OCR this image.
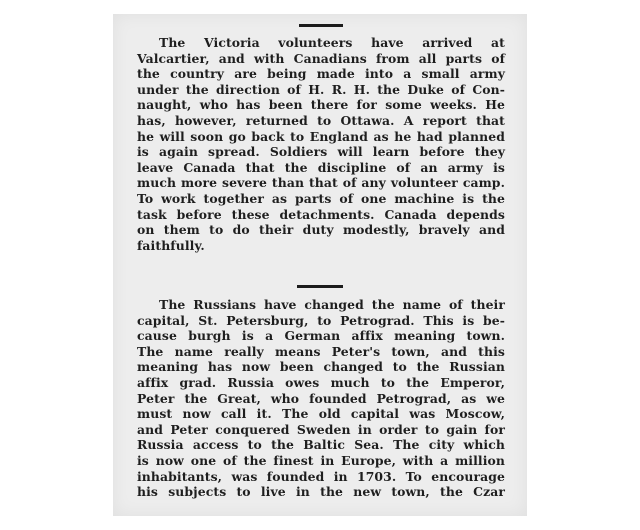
The Victoria volunteers have arrived at
Valcartier, and with Canadians from all parts of
the country are being made into a small army
under the direction of H. R. H. the Duke of Con-
naught, who has been there for some weeks. He
has, however, returned to Ottawa. A report that
he will soon go back to England as he had planned
is again spread. Soldiers will learn before they
leave Canada that the discipline of an army is
much more severe than that of any volunteer camp.
To work together as parts of one machine is the
task before these detachments. Canada depends
on them to do their duty modestly, bravely and
faithfully.
The Russians have changed the name of their
capital, St. Petersburg, to Petrograd. This is be-
cause burgh is a German affix meaning town.
The name really means Peter's town, and this
meaning has now been changed to the Russian
affix grad. Russia owes much to the Emperor,
Peter the Great, who founded Petrograd, as we
must now call it. The old capital was Moscow,
and Peter conquered Sweden in order to gain for
Russia access to the Baltic Sea. The city which
is now one of the finest in Europe, with a million
inhabitants, was founded in 1703. To encourage
his subjects to live in the new town, the Czar
